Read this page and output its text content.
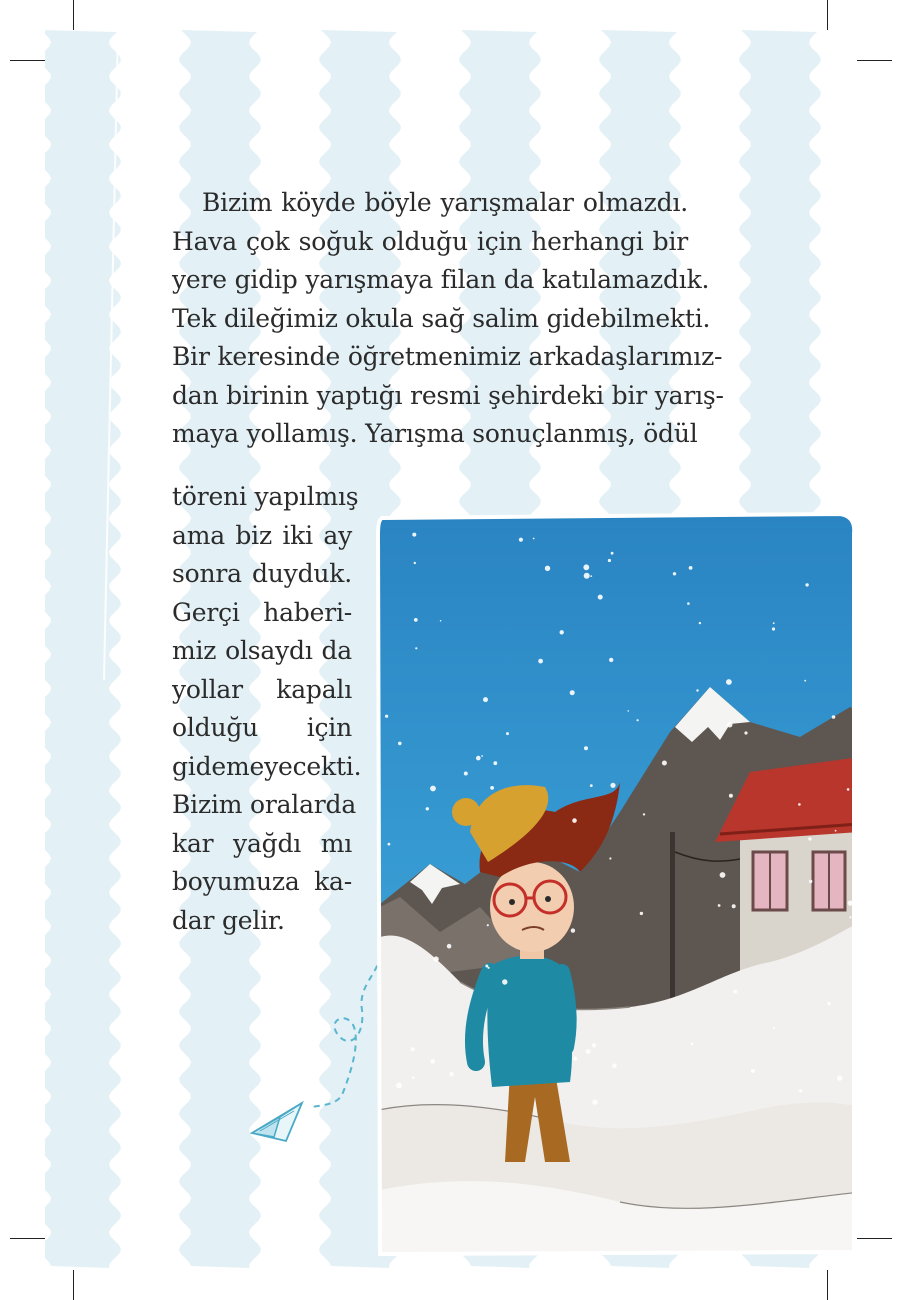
Bizim köyde böyle yarışmalar olmazdı.
Hava çok soğuk olduğu için herhangi bir
yere gidip yarışmaya filan da katılamazdık.
Tek dileğimiz okula sağ salim gidebilmekti.
Bir keresinde öğretmenimiz arkadaşlarımız-
dan birinin yaptığı resmi şehirdeki bir yarış-
maya yollamış. Yarışma sonuçlanmış, ödül
töreni yapılmış
ama biz iki ay
sonra duyduk.
Gerçi haberi-
miz olsaydı da
yollar kapalı
olduğu için
gidemeyecekti.
Bizim oralarda
kar yağdı mı
boyumuza ka-
dar gelir.
